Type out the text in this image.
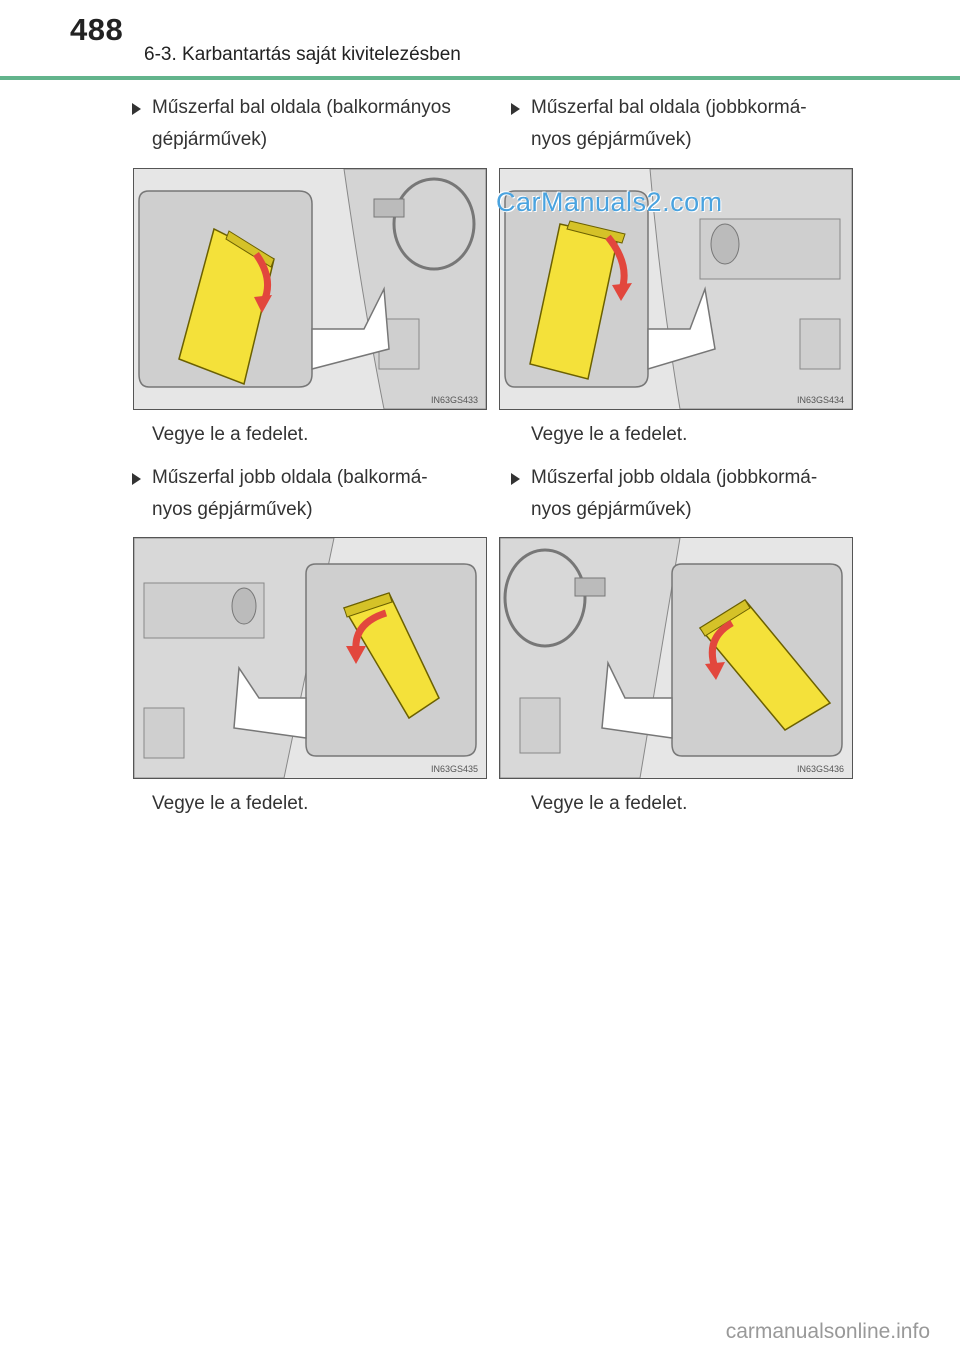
488
6-3. Karbantartás saját kivitelezésben
Műszerfal bal oldala (balkormányos
gépjárművek)
IN63GS433
Vegye le a fedelet.
Műszerfal bal oldala (jobbkormá-
nyos gépjárművek)
IN63GS434
Vegye le a fedelet.
Műszerfal jobb oldala (balkormá-
nyos gépjárművek)
IN63GS435
Vegye le a fedelet.
Műszerfal jobb oldala (jobbkormá-
nyos gépjárművek)
IN63GS436
Vegye le a fedelet.
CarManuals2.com
carmanualsonline.info
